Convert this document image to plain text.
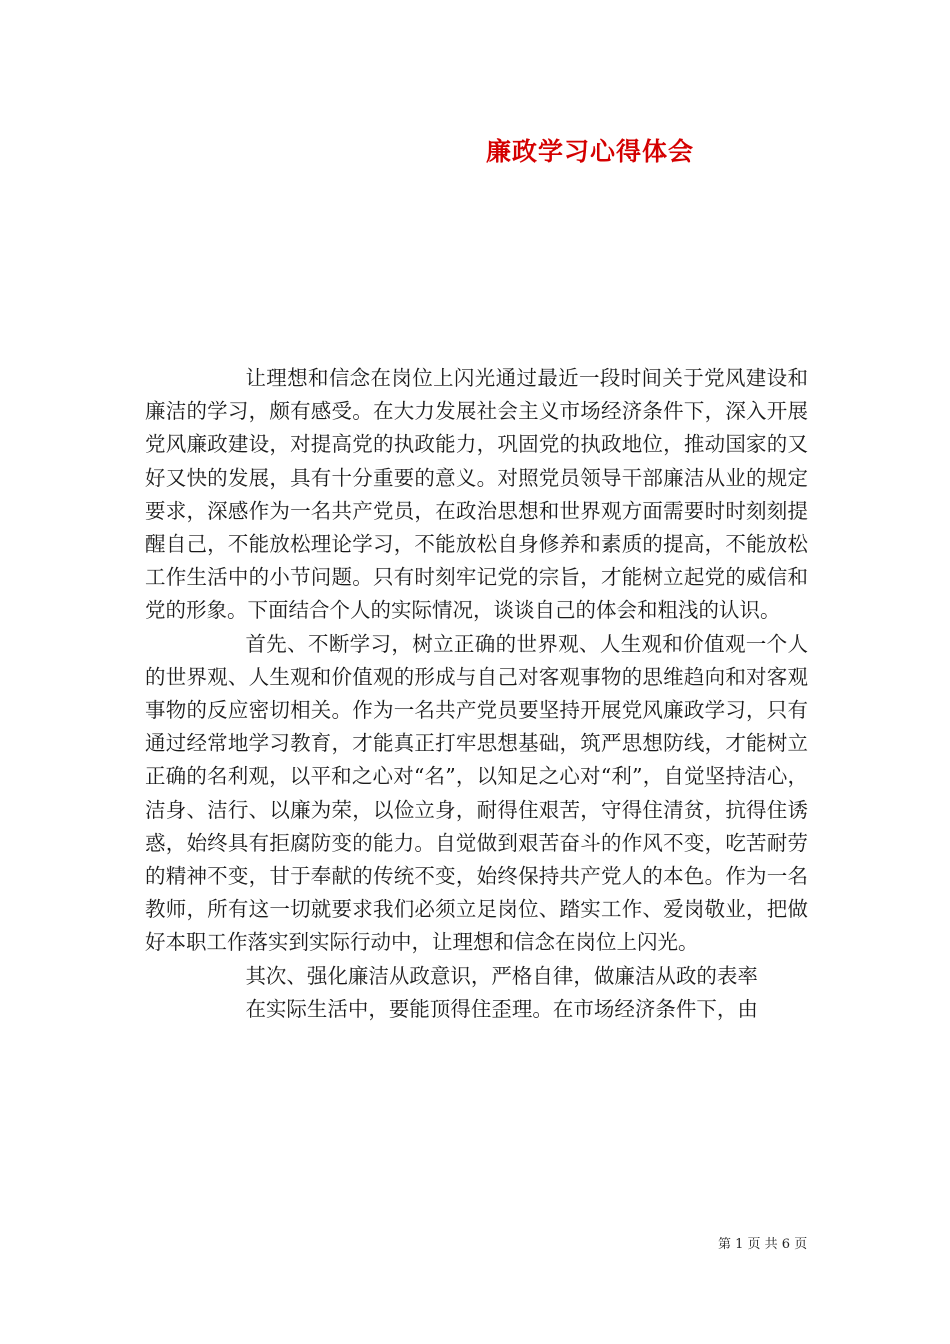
廉政学习心得体会

让理想和信念在岗位上闪光通过最近一段时间关于党风建设和廉洁的学习，颇有感受。在大力发展社会主义市场经济条件下，深入开展党风廉政建设，对提高党的执政能力，巩固党的执政地位，推动国家的又好又快的发展，具有十分重要的意义。对照党员领导干部廉洁从业的规定要求，深感作为一名共产党员，在政治思想和世界观方面需要时时刻刻提醒自己，不能放松理论学习，不能放松自身修养和素质的提高，不能放松工作生活中的小节问题。只有时刻牢记党的宗旨，才能树立起党的威信和党的形象。下面结合个人的实际情况，谈谈自己的体会和粗浅的认识。

首先、不断学习，树立正确的世界观、人生观和价值观一个人的世界观、人生观和价值观的形成与自己对客观事物的思维趋向和对客观事物的反应密切相关。作为一名共产党员要坚持开展党风廉政学习，只有通过经常地学习教育，才能真正打牢思想基础，筑严思想防线，才能树立正确的名利观，以平和之心对“名”，以知足之心对“利”，自觉坚持洁心，洁身、洁行、以廉为荣，以俭立身，耐得住艰苦，守得住清贫，抗得住诱惑，始终具有拒腐防变的能力。自觉做到艰苦奋斗的作风不变，吃苦耐劳的精神不变，甘于奉献的传统不变，始终保持共产党人的本色。作为一名教师，所有这一切就要求我们必须立足岗位、踏实工作、爱岗敬业，把做好本职工作落实到实际行动中，让理想和信念在岗位上闪光。

其次、强化廉洁从政意识，严格自律，做廉洁从政的表率

在实际生活中，要能顶得住歪理。在市场经济条件下，由

第 1 页 共 6 页
